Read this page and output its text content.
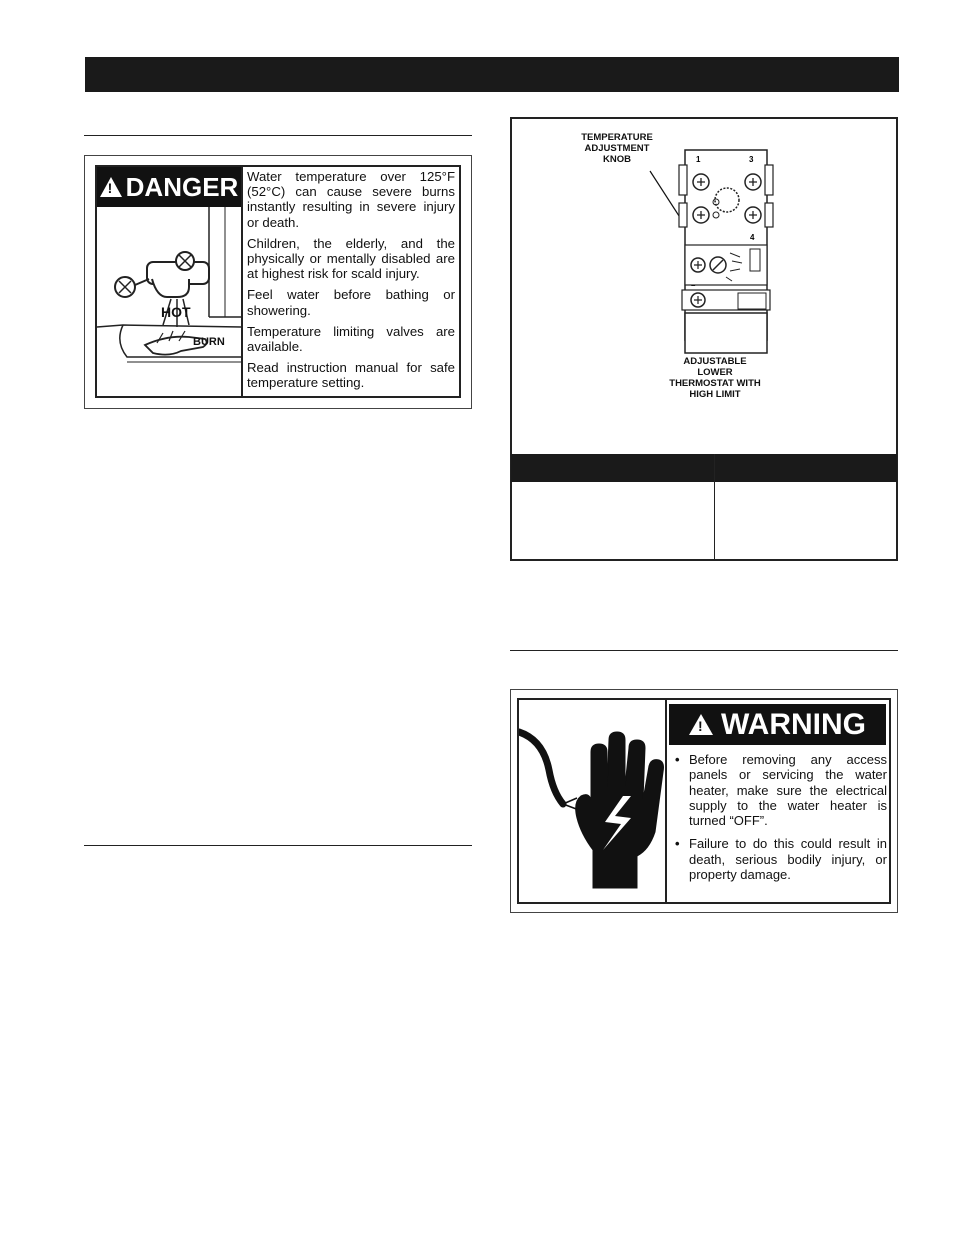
! DANGER
HOT
BURN

Water temperature over 125°F (52°C) can cause severe burns instantly resulting in severe injury or death.

Children, the elderly, and the physically or mentally disabled are at highest risk for scald injury.

Feel water before bathing or showering.

Temperature limiting valves are available.

Read instruction manual for safe temperature setting.

TEMPERATURE
ADJUSTMENT
KNOB	1	3
4
ADJUSTABLE
LOWER
THERMOSTAT WITH
HIGH LIMIT
! WARNING
• Before removing any access panels or servicing the water heater, make sure the electrical supply to the water heater is turned “OFF”.
• Failure to do this could result in death, serious bodily injury, or property damage.
